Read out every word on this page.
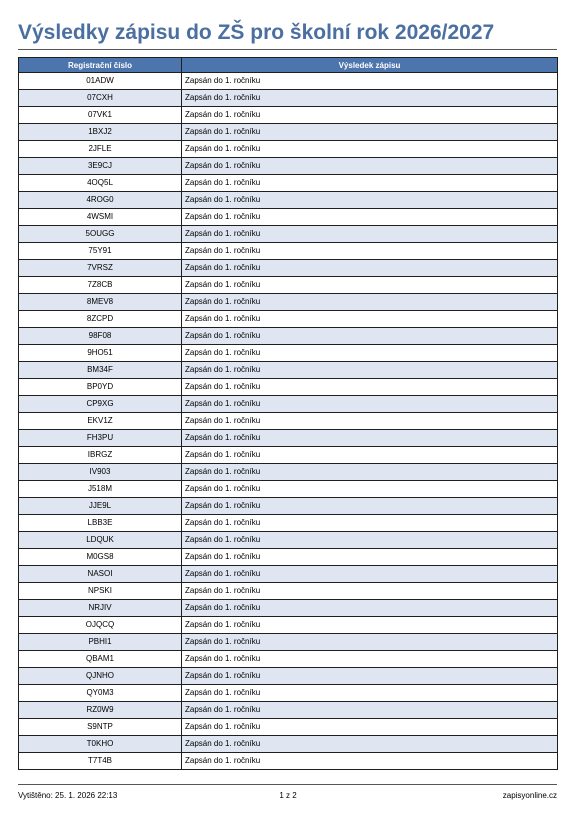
Výsledky zápisu do ZŠ pro školní rok 2026/2027
Registrační číslo	Výsledek zápisu
01ADW	Zapsán do 1. ročníku
07CXH	Zapsán do 1. ročníku
07VK1	Zapsán do 1. ročníku
1BXJ2	Zapsán do 1. ročníku
2JFLE	Zapsán do 1. ročníku
3E9CJ	Zapsán do 1. ročníku
4OQ5L	Zapsán do 1. ročníku
4ROG0	Zapsán do 1. ročníku
4WSMI	Zapsán do 1. ročníku
5OUGG	Zapsán do 1. ročníku
75Y91	Zapsán do 1. ročníku
7VRSZ	Zapsán do 1. ročníku
7Z8CB	Zapsán do 1. ročníku
8MEV8	Zapsán do 1. ročníku
8ZCPD	Zapsán do 1. ročníku
98F08	Zapsán do 1. ročníku
9HO51	Zapsán do 1. ročníku
BM34F	Zapsán do 1. ročníku
BP0YD	Zapsán do 1. ročníku
CP9XG	Zapsán do 1. ročníku
EKV1Z	Zapsán do 1. ročníku
FH3PU	Zapsán do 1. ročníku
IBRGZ	Zapsán do 1. ročníku
IV903	Zapsán do 1. ročníku
J518M	Zapsán do 1. ročníku
JJE9L	Zapsán do 1. ročníku
LBB3E	Zapsán do 1. ročníku
LDQUK	Zapsán do 1. ročníku
M0GS8	Zapsán do 1. ročníku
NASOI	Zapsán do 1. ročníku
NPSKI	Zapsán do 1. ročníku
NRJIV	Zapsán do 1. ročníku
OJQCQ	Zapsán do 1. ročníku
PBHI1	Zapsán do 1. ročníku
QBAM1	Zapsán do 1. ročníku
QJNHO	Zapsán do 1. ročníku
QY0M3	Zapsán do 1. ročníku
RZ0W9	Zapsán do 1. ročníku
S9NTP	Zapsán do 1. ročníku
T0KHO	Zapsán do 1. ročníku
T7T4B	Zapsán do 1. ročníku
Vytištěno: 25. 1. 2026 22:13	1 z 2	zapisyonline.cz
